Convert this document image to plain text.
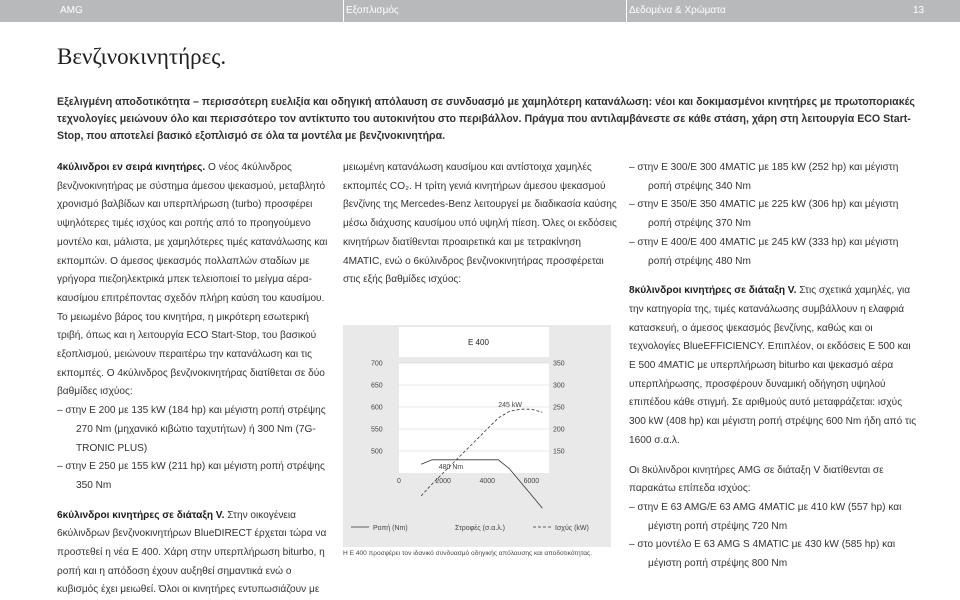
AMG	Εξοπλισμός	Δεδομένα & Χρώματα	13
Βενζινοκινητήρες.
Εξελιγμένη αποδοτικότητα – περισσότερη ευελιξία και οδηγική απόλαυση σε συνδυασμό με χαμηλότερη κατανάλωση: νέοι και δοκιμασμένοι κινητήρες με πρωτοποριακές τεχνολογίες μειώνουν όλο και περισσότερο τον αντίκτυπο του αυτοκινήτου στο περιβάλλον. Πράγμα που αντιλαμβάνεστε σε κάθε στάση, χάρη στη λειτουργία ECO Start-Stop, που αποτελεί βασικό εξοπλισμό σε όλα τα μοντέλα με βενζινοκινητήρα.

4κύλινδροι εν σειρά κινητήρες. Ο νέος 4κύλινδρος βενζινοκινητήρας με σύστημα άμεσου ψεκασμού, μεταβλητό χρονισμό βαλβίδων και υπερπλήρωση (turbo) προσφέρει υψηλότερες τιμές ισχύος και ροπής από το προηγούμενο μοντέλο και, μάλιστα, με χαμηλότερες τιμές κατανάλωσης και εκπομπών. Ο άμεσος ψεκασμός πολλαπλών σταδίων με γρήγορα πιεζοηλεκτρικά μπεκ τελειοποιεί το μείγμα αέρα-καυσίμου επιτρέποντας σχεδόν πλήρη καύση του καυσίμου. Το μειωμένο βάρος του κινητήρα, η μικρότερη εσωτερική τριβή, όπως και η λειτουργία ECO Start-Stop, του βασικού εξοπλισμού, μειώνουν περαιτέρω την κατανάλωση και τις εκπομπές. Ο 4κύλινδρος βενζινοκινητήρας διατίθεται σε δύο βαθμίδες ισχύος:

– στην E 200 με 135 kW (184 hp) και μέγιστη ροπή στρέψης 270 Nm (μηχανικό κιβώτιο ταχυτήτων) ή 300 Nm (7G-TRONIC PLUS)

– στην E 250 με 155 kW (211 hp) και μέγιστη ροπή στρέψης 350 Nm

6κύλινδροι κινητήρες σε διάταξη V. Στην οικογένεια 6κύλινδρων βενζινοκινητήρων BlueDIRECT έρχεται τώρα να προστεθεί η νέα E 400. Χάρη στην υπερπλήρωση biturbo, η ροπή και η απόδοση έχουν αυξηθεί σημαντικά ενώ ο κυβισμός έχει μειωθεί. Όλοι οι κινητήρες εντυπωσιάζουν με

μειωμένη κατανάλωση καυσίμου και αντίστοιχα χαμηλές εκπομπές CO₂. Η τρίτη γενιά κινητήρων άμεσου ψεκασμού βενζίνης της Mercedes-Benz λειτουργεί με διαδικασία καύσης μέσω διάχυσης καυσίμου υπό υψηλή πίεση. Όλες οι εκδόσεις κινητήρων διατίθενται προαιρετικά και με τετρακίνηση 4MATIC, ενώ ο 6κύλινδρος βενζινοκινητήρας προσφέρεται στις εξής βαθμίδες ισχύος:

E 400
700
650
600
550
500
350
300
250
200
150
0	2000	4000	6000
480 Nm
245 kW
Ροπή (Nm)	Στροφές (σ.α.λ.)	Ισχύς (kW)
Η E 400 προσφέρει τον ιδανικό συνδυασμό οδηγικής απόλαυσης και αποδοτικότητας.

– στην E 300/E 300 4MATIC με 185 kW (252 hp) και μέγιστη ροπή στρέψης 340 Nm

– στην E 350/E 350 4MATIC με 225 kW (306 hp) και μέγιστη ροπή στρέψης 370 Nm

– στην E 400/E 400 4MATIC με 245 kW (333 hp) και μέγιστη ροπή στρέψης 480 Nm

8κύλινδροι κινητήρες σε διάταξη V. Στις σχετικά χαμηλές, για την κατηγορία της, τιμές κατανάλωσης συμβάλλουν η ελαφριά κατασκευή, ο άμεσος ψεκασμός βενζίνης, καθώς και οι τεχνολογίες BlueEFFICIENCY. Επιπλέον, οι εκδόσεις E 500 και E 500 4MATIC με υπερπλήρωση biturbo και ψεκασμό αέρα υπερπλήρωσης, προσφέρουν δυναμική οδήγηση υψηλού επιπέδου κάθε στιγμή. Σε αριθμούς αυτό μεταφράζεται: ισχύς 300 kW (408 hp) και μέγιστη ροπή στρέψης 600 Nm ήδη από τις 1600 σ.α.λ.

Οι 8κύλινδροι κινητήρες AMG σε διάταξη V διατίθενται σε παρακάτω επίπεδα ισχύος:

– στην E 63 AMG/E 63 AMG 4MATIC με 410 kW (557 hp) και μέγιστη ροπή στρέψης 720 Nm

– στο μοντέλο E 63 AMG S 4MATIC με 430 kW (585 hp) και μέγιστη ροπή στρέψης 800 Nm
